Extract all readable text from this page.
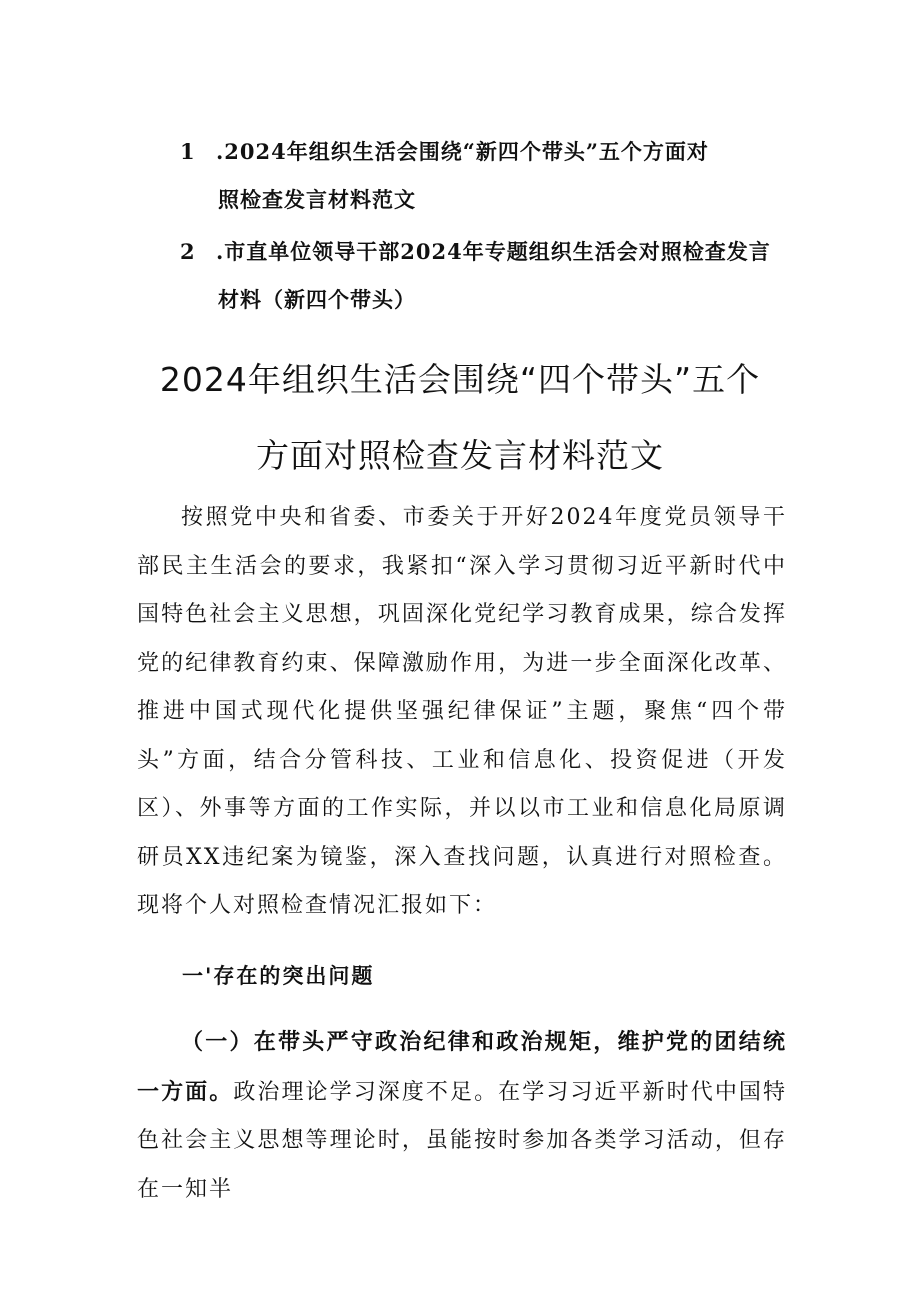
1 .2024年组织生活会围绕“新四个带头”五个方面对
照检查发言材料范文
2 .市直单位领导干部2024年专题组织生活会对照检查发言
材料（新四个带头）
2024年组织生活会围绕“四个带头”五个
方面对照检查发言材料范文
按照党中央和省委、市委关于开好2024年度党员领导干部民主生活会的要求，我紧扣“深入学习贯彻习近平新时代中国特色社会主义思想，巩固深化党纪学习教育成果，综合发挥党的纪律教育约束、保障激励作用，为进一步全面深化改革、推进中国式现代化提供坚强纪律保证”主题，聚焦“四个带头”方面，结合分管科技、工业和信息化、投资促进（开发区）、外事等方面的工作实际，并以以市工业和信息化局原调研员XX违纪案为镜鉴，深入查找问题，认真进行对照检查。现将个人对照检查情况汇报如下：
一'存在的突出问题
（一）在带头严守政治纪律和政治规矩，维护党的团结统一方面。政治理论学习深度不足。在学习习近平新时代中国特色社会主义思想等理论时，虽能按时参加各类学习活动，但存在一知半
